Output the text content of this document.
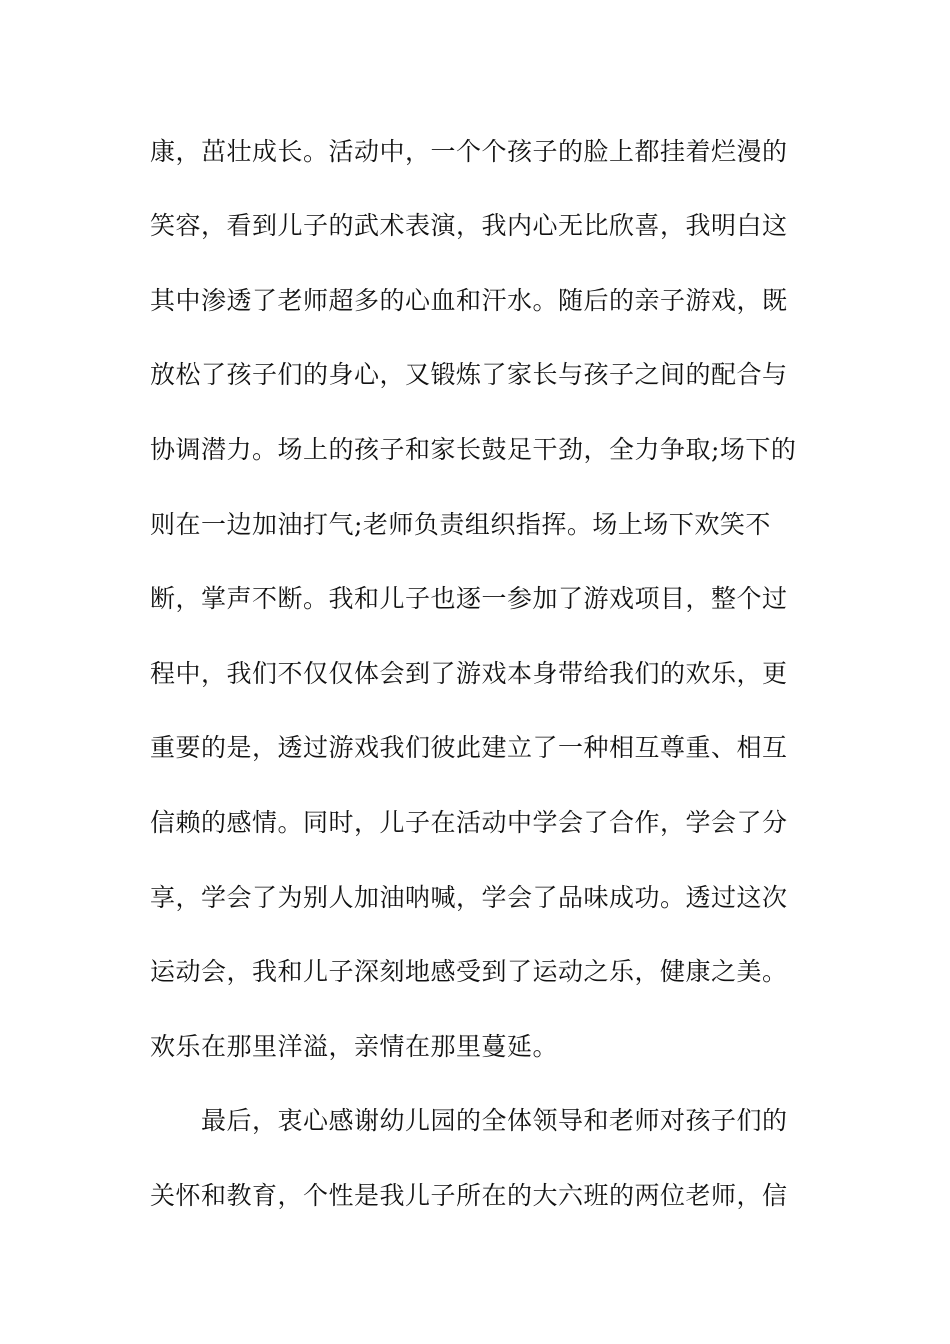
康，茁壮成长。活动中，一个个孩子的脸上都挂着烂漫的
笑容，看到儿子的武术表演，我内心无比欣喜，我明白这
其中渗透了老师超多的心血和汗水。随后的亲子游戏，既
放松了孩子们的身心，又锻炼了家长与孩子之间的配合与
协调潜力。场上的孩子和家长鼓足干劲，全力争取;场下的
则在一边加油打气;老师负责组织指挥。场上场下欢笑不
断，掌声不断。我和儿子也逐一参加了游戏项目，整个过
程中，我们不仅仅体会到了游戏本身带给我们的欢乐，更
重要的是，透过游戏我们彼此建立了一种相互尊重、相互
信赖的感情。同时，儿子在活动中学会了合作，学会了分
享，学会了为别人加油呐喊，学会了品味成功。透过这次
运动会，我和儿子深刻地感受到了运动之乐，健康之美。
欢乐在那里洋溢，亲情在那里蔓延。
最后，衷心感谢幼儿园的全体领导和老师对孩子们的
关怀和教育，个性是我儿子所在的大六班的两位老师，信
